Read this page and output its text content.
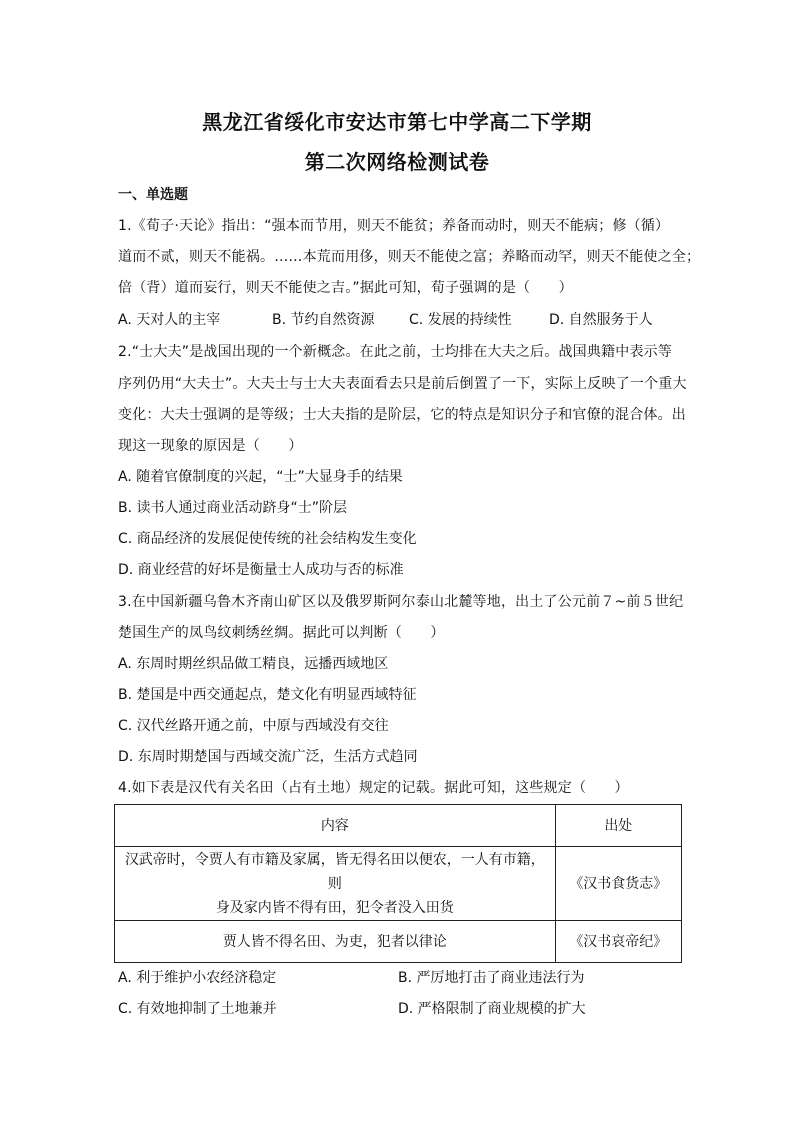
黑龙江省绥化市安达市第七中学高二下学期
第二次网络检测试卷
一、单选题
1.《荀子·天论》指出：“强本而节用，则天不能贫；养备而动时，则天不能病；修（循）
道而不贰，则天不能祸。……本荒而用侈，则天不能使之富；养略而动罕，则天不能使之全；
倍（背）道而妄行，则天不能使之吉。”据此可知，荀子强调的是（　　）
A. 天对人的主宰	B. 节约自然资源 C. 发展的持续性	D. 自然服务于人
2.“士大夫”是战国出现的一个新概念。在此之前，士均排在大夫之后。战国典籍中表示等
序列仍用“大夫士”。大夫士与士大夫表面看去只是前后倒置了一下，实际上反映了一个重大
变化：大夫士强调的是等级；士大夫指的是阶层，它的特点是知识分子和官僚的混合体。出
现这一现象的原因是（　　）
A. 随着官僚制度的兴起，“士”大显身手的结果
B. 读书人通过商业活动跻身“士”阶层
C. 商品经济的发展促使传统的社会结构发生变化
D. 商业经营的好坏是衡量士人成功与否的标准
3.在中国新疆乌鲁木齐南山矿区以及俄罗斯阿尔泰山北麓等地，出土了公元前７~前５世纪
楚国生产的凤鸟纹刺绣丝绸。据此可以判断（　　）
A. 东周时期丝织品做工精良，远播西域地区
B. 楚国是中西交通起点，楚文化有明显西域特征
C. 汉代丝路开通之前，中原与西域没有交往
D. 东周时期楚国与西域交流广泛，生活方式趋同
4.如下表是汉代有关名田（占有土地）规定的记载。据此可知，这些规定（　　）
内容	出处

汉武帝时，令贾人有市籍及家属，皆无得名田以便农，一人有市籍，则
身及家内皆不得有田，犯令者没入田货	《汉书食货志》
贾人皆不得名田、为吏，犯者以律论	《汉书哀帝纪》
A. 利于维护小农经济稳定	B. 严厉地打击了商业违法行为
C. 有效地抑制了土地兼并	D. 严格限制了商业规模的扩大
